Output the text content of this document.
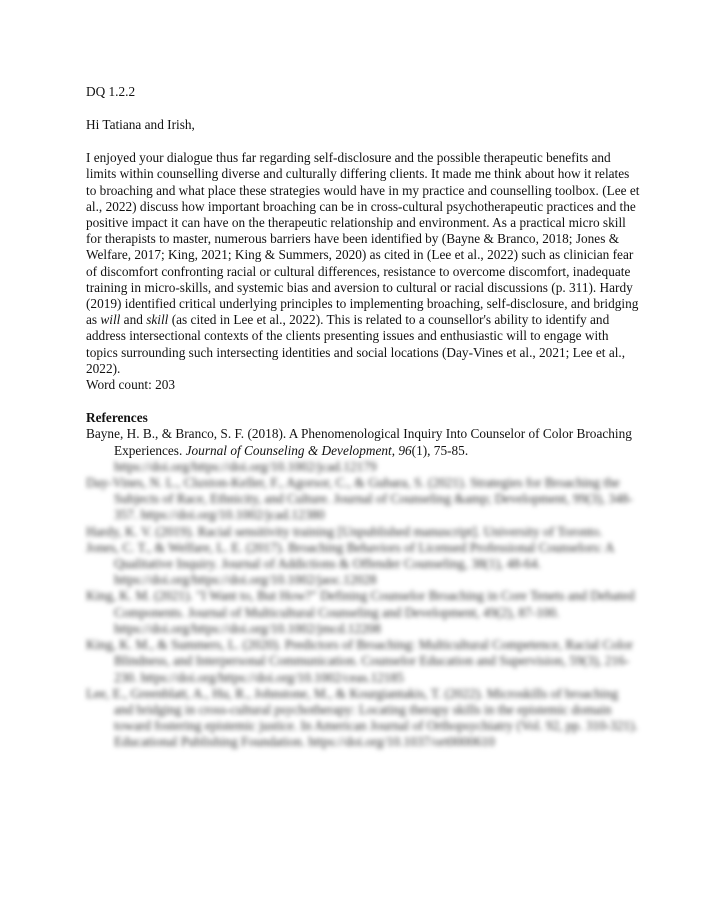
DQ 1.2.2
Hi Tatiana and Irish,
I enjoyed your dialogue thus far regarding self-disclosure and the possible therapeutic benefits and limits within counselling diverse and culturally differing clients. It made me think about how it relates to broaching and what place these strategies would have in my practice and counselling toolbox. (Lee et al., 2022) discuss how important broaching can be in cross-cultural psychotherapeutic practices and the positive impact it can have on the therapeutic relationship and environment. As a practical micro skill for therapists to master, numerous barriers have been identified by (Bayne & Branco, 2018; Jones & Welfare, 2017; King, 2021; King & Summers, 2020) as cited in (Lee et al., 2022) such as clinician fear of discomfort confronting racial or cultural differences, resistance to overcome discomfort, inadequate training in micro-skills, and systemic bias and aversion to cultural or racial discussions (p. 311). Hardy (2019) identified critical underlying principles to implementing broaching, self-disclosure, and bridging as will and skill (as cited in Lee et al., 2022). This is related to a counsellor's ability to identify and address intersectional contexts of the clients presenting issues and enthusiastic will to engage with topics surrounding such intersecting identities and social locations (Day-Vines et al., 2021; Lee et al., 2022).
Word count: 203
References
Bayne, H. B., & Branco, S. F. (2018). A Phenomenological Inquiry Into Counselor of Color Broaching Experiences. Journal of Counseling & Development, 96(1), 75-85.
https://doi.org/https://doi.org/10.1002/jcad.12179
Day-Vines, N. L., Cluxton-Keller, F., Agorsor, C., & Gubara, S. (2021). Strategies for Broaching the Subjects of Race, Ethnicity, and Culture. Journal of Counseling &amp; Development, 99(3), 348-357. https://doi.org/10.1002/jcad.12380
Hardy, K. V. (2019). Racial sensitivity training [Unpublished manuscript]. University of Toronto.
Jones, C. T., & Welfare, L. E. (2017). Broaching Behaviors of Licensed Professional Counselors: A Qualitative Inquiry. Journal of Addictions & Offender Counseling, 38(1), 48-64. https://doi.org/https://doi.org/10.1002/jaoc.12028
King, K. M. (2021). "I Want to, But How?" Defining Counselor Broaching in Core Tenets and Debated Components. Journal of Multicultural Counseling and Development, 49(2), 87-100. https://doi.org/https://doi.org/10.1002/jmcd.12208
King, K. M., & Summers, L. (2020). Predictors of Broaching: Multicultural Competence, Racial Color Blindness, and Interpersonal Communication. Counselor Education and Supervision, 59(3), 216-230. https://doi.org/https://doi.org/10.1002/ceas.12185
Lee, E., Greenblatt, A., Hu, R., Johnstone, M., & Kourgiantakis, T. (2022). Microskills of broaching and bridging in cross-cultural psychotherapy: Locating therapy skills in the epistemic domain toward fostering epistemic justice. In American Journal of Orthopsychiatry (Vol. 92, pp. 310-321). Educational Publishing Foundation. https://doi.org/10.1037/ort0000610
